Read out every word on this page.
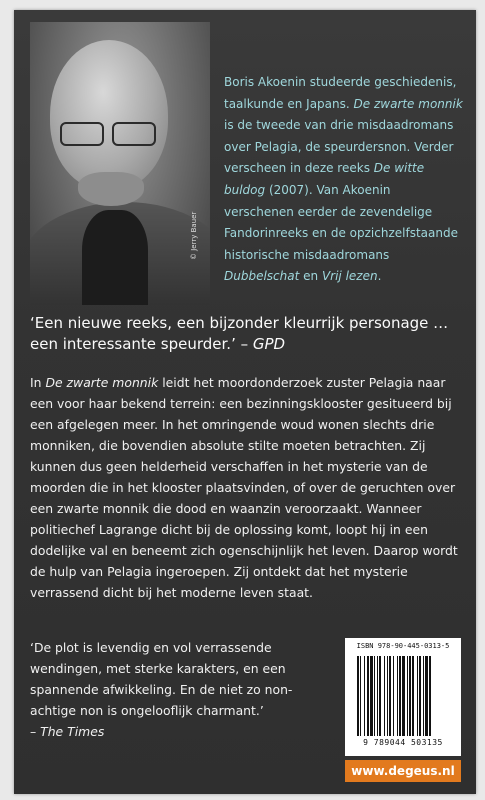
© Jerry Bauer

Boris Akoenin studeerde geschiedenis, taalkunde en Japans. De zwarte monnik is de tweede van drie misdaadromans over Pelagia, de speurdersnon. Verder verscheen in deze reeks De witte buldog (2007). Van Akoenin verschenen eerder de zevendelige Fandorinreeks en de opzichzelfstaande historische misdaadromans Dubbelschat en Vrij lezen.

‘Een nieuwe reeks, een bijzonder kleurrijk personage … een interessante speurder.’ – GPD

In De zwarte monnik leidt het moordonderzoek zuster Pelagia naar een voor haar bekend terrein: een bezinningsklooster gesitueerd bij een afgelegen meer. In het omringende woud wonen slechts drie monniken, die bovendien absolute stilte moeten betrachten. Zij kunnen dus geen helderheid verschaffen in het mysterie van de moorden die in het klooster plaatsvinden, of over de geruchten over een zwarte monnik die dood en waanzin veroorzaakt. Wanneer politiechef Lagrange dicht bij de oplossing komt, loopt hij in een dodelijke val en beneemt zich ogenschijnlijk het leven. Daarop wordt de hulp van Pelagia ingeroepen. Zij ontdekt dat het mysterie verrassend dicht bij het moderne leven staat.

‘De plot is levendig en vol verrassende wendingen, met sterke karakters, en een spannende afwikkeling. En de niet zo non-achtige non is ongelooflijk charmant.’
– The Times

ISBN 978-90-445-0313-5
9 789044 503135
www.degeus.nl
